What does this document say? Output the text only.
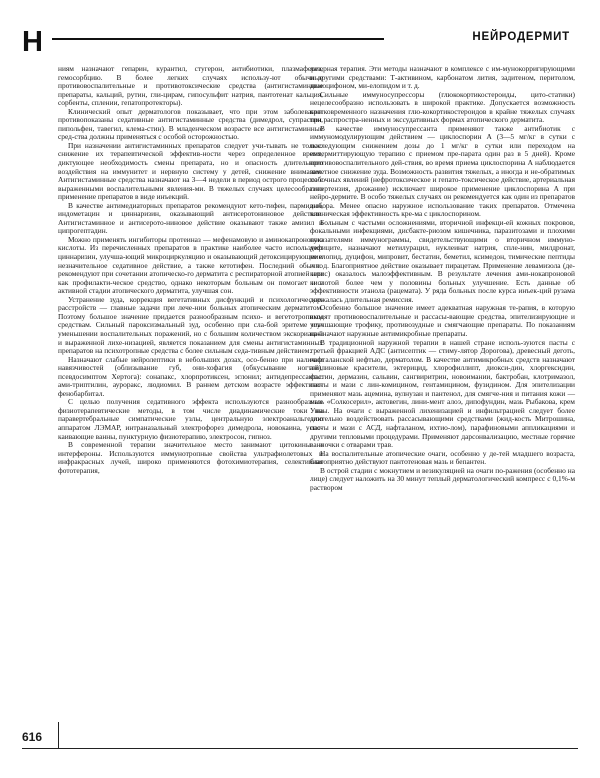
Н	НЕЙРОДЕРМИТ

ниям назначают гепарин, курантил, стугерон, антибиотики, плазмаферез, гемосорбцию. В более легких случаях использу-ют обычные противовоспалительные и противотоксические средства (антигистаминные препараты, кальций, рутин, гли-цирам, гипосульфит натрия, пантотенат кальция, сорбенты, сплении, гепатопротекторы).

Клинический опыт дерматологов показывает, что при этом заболевании противопоказаны седативные антигистаминные средства (димедрол, супрастин, пипольфен, тавегил, клема-стин). В младенческом возрасте все антигистаминные сред-ства должны применяться с особой осторожностью.

При назначении антигистаминных препаратов следует учи-тывать не только снижение их терапевтической эффектив-ности через определенное время, диктующее необходимость смены препарата, но и опасность длительного воздействия на иммунитет и нервную систему у детей, снижение внимания. Антигистаминные средства назначают на 3—4 недели в период острого процесса с выраженными воспалительными явления-ми. В тяжелых случаях целесообразно применение препаратов в виде инъекций.

В качестве антимедиаторных препаратов рекомендуют кето-тифен, пармидин, индометацин и циннаризин, оказывающий антисеротониновое действие. Антигистаминное и антисерото-ниновое действие оказывают также амизил и ципрогептадин.

Можно применять ингибиторы протеиназ — мефенамовую и аминокапроновую кислоты. Из перечисленных препаратов в практике наиболее часто используют циннаризин, улучша-ющий микроциркуляцию и оказывающий детоксицирующее и незначительное седативное действие, а также кетотифен. Последний обычно рекомендуют при сочетании атопическо-го дерматита с респираторной атопией или как профилакти-ческое средство, однако некоторым больным он помогает и в активной стадии атопического дерматита, улучшая сон.

Устранение зуда, коррекция вегетативных дисфункций и психологических расстройств — главные задачи при лече-нии больных атопическим дерматитом. Поэтому большое значение придается разнообразным психо- и вегетотропным средствам. Сильный пароксизмальный зуд, особенно при сла-бой эритеме или уменьшении воспалительных поражений, но с большим количеством экскориаций и выраженной лихе-низацией, является показанием для смены антигистаминных препаратов на психотропные средства с более сильным седа-тивным действием.

Назначают слабые нейролептики в небольших дозах, осо-бенно при наличии навязчивостей (облизывание губ, они-хофагия (обкусывание ногтей), псевдосимптом Хертога): сонапакс, хлорпротиксен, эглонил; антидепрессанты: ами-триптилин, ауроракс, людиомил. В раннем детском возрасте эффективен фенобарбитал.

С целью получения седативного эффекта используются разнообразные физиотерапевтические методы, в том числе диадинамические токи на паравертебральные симпатические узлы, центральную электроанальгезию аппаратом ЛЭМАР, интраназальный электрофорез димедрола, новокаина, успо-каивающие ванны, пунктурную физиотерапию, электросон, гипноз.

В современной терапии значительное место занимают цитокины и интерфероны. Используются иммунотропные свойства ультрафиолетовых и инфракрасных лучей, широко применяются фотохимиотерапия, селективная фототерапия,

лазерная терапия. Эти методы назначают в комплексе с им-мунокорригирующими и другими средствами: Т-активином, карбонатом лития, задитеном, перитолом, димоцифоном, ми-елопидом и т. д.

Сильные иммуносупрессоры (глюкокортикостероиды, цито-статики) нецелесообразно использовать в широкой практике. Допускается возможность кратковременного назначения глю-кокортикостероидов в крайне тяжелых случаях при распростра-ненных и экссудативных формах атопического дерматита.

В качестве иммуносупрессанта применяют также антибиотик с иммуномодулирующим действием — циклоспорин А (3—5 мг/кг в сутки с последующим снижением дозы до 1 мг/кг в сутки или переходом на интермиттирующую терапию с приемом пре-парата один раз в 5 дней). Кроме противовоспалительного дей-ствия, во время приема циклоспорина А наблюдается заметное снижение зуда. Возможность развития тяжелых, а иногда и не-обратимых побочных явлений (нефротоксическое и гепато-токсическое действие, артериальная гипертензия, дрожание) исключает широкое применение циклоспорина А при нейро-дермите. В особо тяжелых случаях он рекомендуется как один из препаратов выбора. Менее опасно наружное использование таких препаратов. Отмечена клиническая эффективность кре-ма с циклоспорином.

Больным с частыми осложнениями, вторичной инфекци-ей кожных покровов, фокальными инфекциями, дисбакте-риозом кишечника, паразитозами и плохими показателями иммунограммы, свидетельствующими о вторичном иммуно-дефиците, назначают метилурацил, нуклеинат натрия, сплe-нин, милдронат, миелопид, дуцифон, мипровит, бестатин, беметил, ксимедон, тимические пептиды и т. д. Благоприятное действие оказывает пирацетам. Применение левамизола (де-карис) оказалось малоэффективным. В результате лечения ами-нокапроновой кислотой более чем у половины больных улучшение. Есть данные об эффективности этанола (рацемата). У ряда больных после курса инъек-ций рузама держалась длительная ремиссия.

Особенно большое значение имеет адекватная наружная те-рапия, в которую входят противовоспалительные и рассасы-вающие средства, эпителизирующие и улучшающие трофику, противозудные и смягчающие препараты. По показаниям на-значают наружные антимикробные препараты.

В традиционной наружной терапии в нашей стране исполь-зуются пасты с третьей фракцией АДС (антисептик — стиму-лятор Дорогова), древесный деготь, нафталанской нефтью, дерматолом. В качестве антимикробных средств назначают анилиновые красители, эктерицид, хлорофиллипт, диокси-дин, хлоргексидин, фастин, дермазин, сальвин, сангвиритрин, новоимании, бактробан, клотримазол, пасты и мази с лин-комицином, гентамицином, фузидином. Для эпителизации применяют мазь ацемина, вулнузан и пантенол, для смягче-ния и питания кожи — мазь «Солкосерил», актовегин, лини-мент алоэ, дипофундин, мазь Рыбакова, крем Унны. На очаги с выраженной лихенизацией и инфильтрацией следует более длительно воздействовать рассасывающими средствами (жид-кость Митрошина, пасты и мази с АСД, нафталаном, ихтио-лом), парафиновыми аппликациями и другими тепловыми процедурами. Применяют дарсонвализацию, местные горячие ванночки с отварами трав.

На воспалительные атопические очаги, особенно у де-тей младшего возраста, благоприятно действуют пантотеновая мазь и бепантен.

В острой стадии с мокнутием и везикуляцией на очаги по-ражения (особенно на лице) следует наложить на 30 минут теплый дерматологический компресс с 0,1%-м раствором

616
